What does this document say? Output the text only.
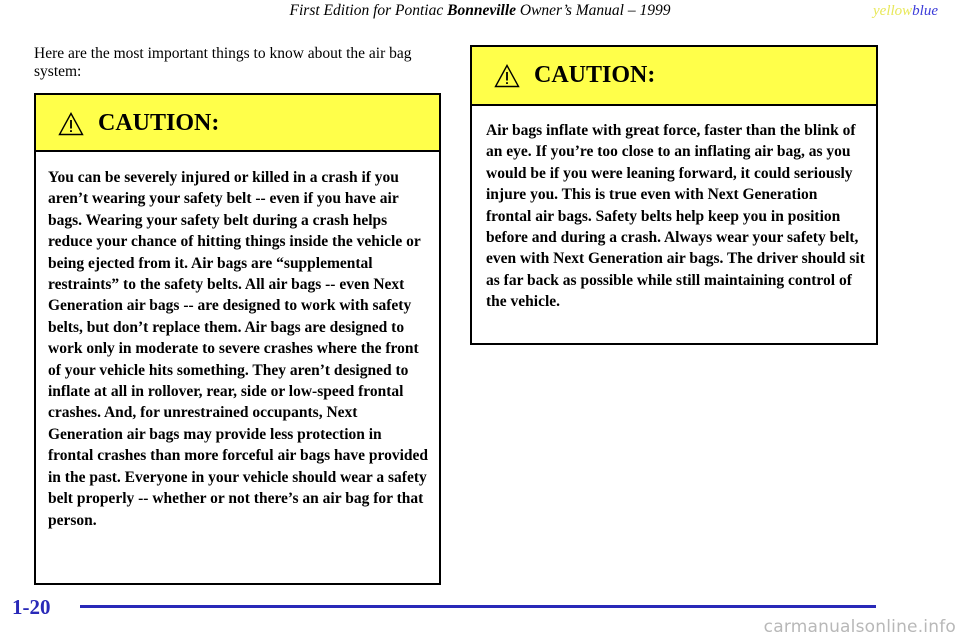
First Edition for Pontiac Bonneville Owner’s Manual – 1999	yellowblue
Here are the most important things to know about the air bag system:
CAUTION:
You can be severely injured or killed in a crash if you aren’t wearing your safety belt -- even if you have air bags. Wearing your safety belt during a crash helps reduce your chance of hitting things inside the vehicle or being ejected from it. Air bags are “supplemental restraints” to the safety belts. All air bags -- even Next Generation air bags -- are designed to work with safety belts, but don’t replace them. Air bags are designed to work only in moderate to severe crashes where the front of your vehicle hits something. They aren’t designed to inflate at all in rollover, rear, side or low-speed frontal crashes. And, for unrestrained occupants, Next Generation air bags may provide less protection in frontal crashes than more forceful air bags have provided in the past. Everyone in your vehicle should wear a safety belt properly -- whether or not there’s an air bag for that person.
CAUTION:
Air bags inflate with great force, faster than the blink of an eye. If you’re too close to an inflating air bag, as you would be if you were leaning forward, it could seriously injure you. This is true even with Next Generation frontal air bags. Safety belts help keep you in position before and during a crash. Always wear your safety belt, even with Next Generation air bags. The driver should sit as far back as possible while still maintaining control of the vehicle.
1-20
carmanualsonline.info
